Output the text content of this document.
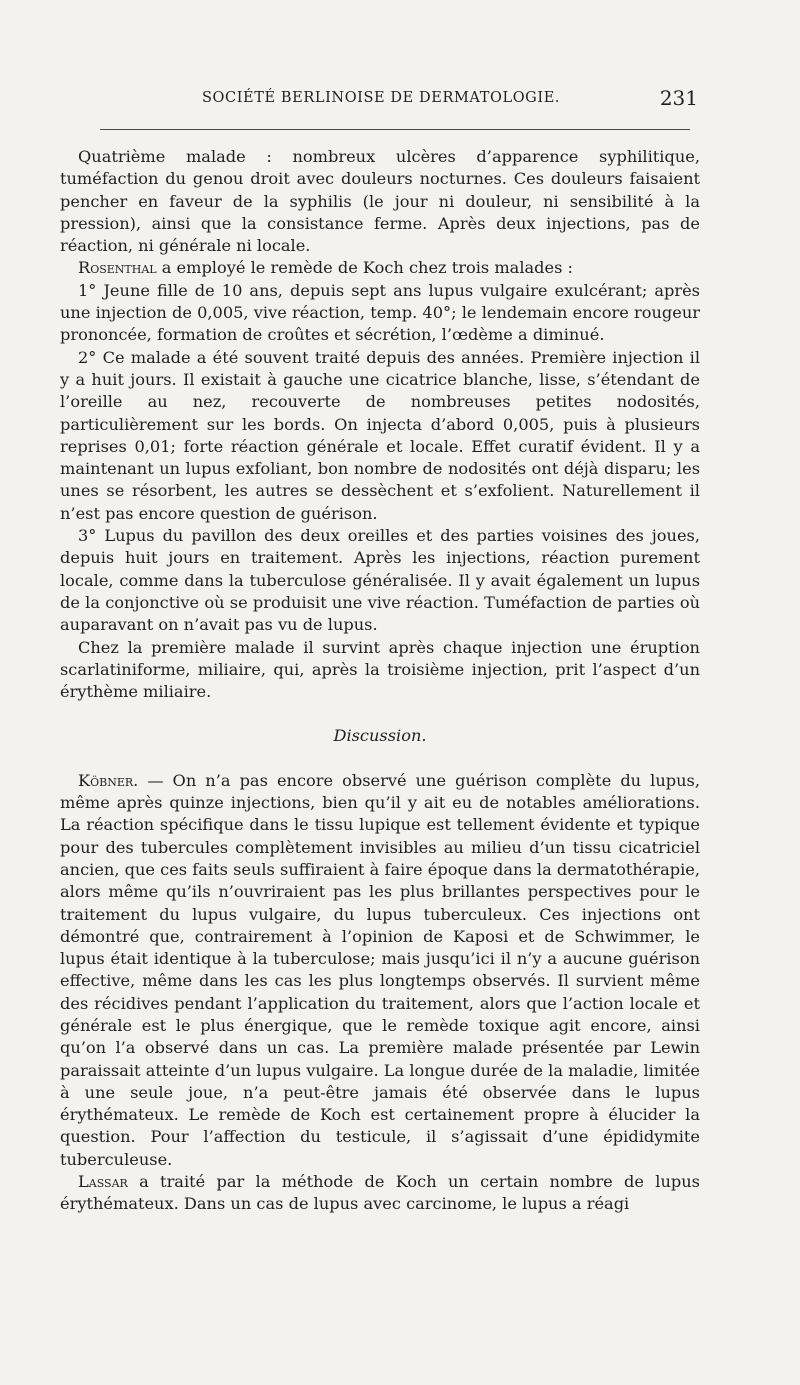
SOCIÉTÉ BERLINOISE DE DERMATOLOGIE.	231

Quatrième malade : nombreux ulcères d’apparence syphilitique, tuméfaction du genou droit avec douleurs nocturnes. Ces douleurs faisaient pencher en faveur de la syphilis (le jour ni douleur, ni sensibilité à la pression), ainsi que la consistance ferme. Après deux injections, pas de réaction, ni générale ni locale.

Rosenthal a employé le remède de Koch chez trois malades :

1° Jeune fille de 10 ans, depuis sept ans lupus vulgaire exulcérant; après une injection de 0,005, vive réaction, temp. 40°; le lendemain encore rougeur prononcée, formation de croûtes et sécrétion, l’œdème a diminué.

2° Ce malade a été souvent traité depuis des années. Première injection il y a huit jours. Il existait à gauche une cicatrice blanche, lisse, s’étendant de l’oreille au nez, recouverte de nombreuses petites nodosités, particulièrement sur les bords. On injecta d’abord 0,005, puis à plusieurs reprises 0,01; forte réaction générale et locale. Effet curatif évident. Il y a maintenant un lupus exfoliant, bon nombre de nodosités ont déjà disparu; les unes se résorbent, les autres se dessèchent et s’exfolient. Naturellement il n’est pas encore question de guérison.

3° Lupus du pavillon des deux oreilles et des parties voisines des joues, depuis huit jours en traitement. Après les injections, réaction purement locale, comme dans la tuberculose généralisée. Il y avait également un lupus de la conjonctive où se produisit une vive réaction. Tuméfaction de parties où auparavant on n’avait pas vu de lupus.

Chez la première malade il survint après chaque injection une éruption scarlatiniforme, miliaire, qui, après la troisième injection, prit l’aspect d’un érythème miliaire.

Discussion.

Köbner. — On n’a pas encore observé une guérison complète du lupus, même après quinze injections, bien qu’il y ait eu de notables améliorations. La réaction spécifique dans le tissu lupique est tellement évidente et typique pour des tubercules complètement invisibles au milieu d’un tissu cicatriciel ancien, que ces faits seuls suffiraient à faire époque dans la dermatothérapie, alors même qu’ils n’ouvriraient pas les plus brillantes perspectives pour le traitement du lupus vulgaire, du lupus tuberculeux. Ces injections ont démontré que, contrairement à l’opinion de Kaposi et de Schwimmer, le lupus était identique à la tuberculose; mais jusqu’ici il n’y a aucune guérison effective, même dans les cas les plus longtemps observés. Il survient même des récidives pendant l’application du traitement, alors que l’action locale et générale est le plus énergique, que le remède toxique agit encore, ainsi qu’on l’a observé dans un cas. La première malade présentée par Lewin paraissait atteinte d’un lupus vulgaire. La longue durée de la maladie, limitée à une seule joue, n’a peut-être jamais été observée dans le lupus érythémateux. Le remède de Koch est certainement propre à élucider la question. Pour l’affection du testicule, il s’agissait d’une épididymite tuberculeuse.

Lassar a traité par la méthode de Koch un certain nombre de lupus érythémateux. Dans un cas de lupus avec carcinome, le lupus a réagi
